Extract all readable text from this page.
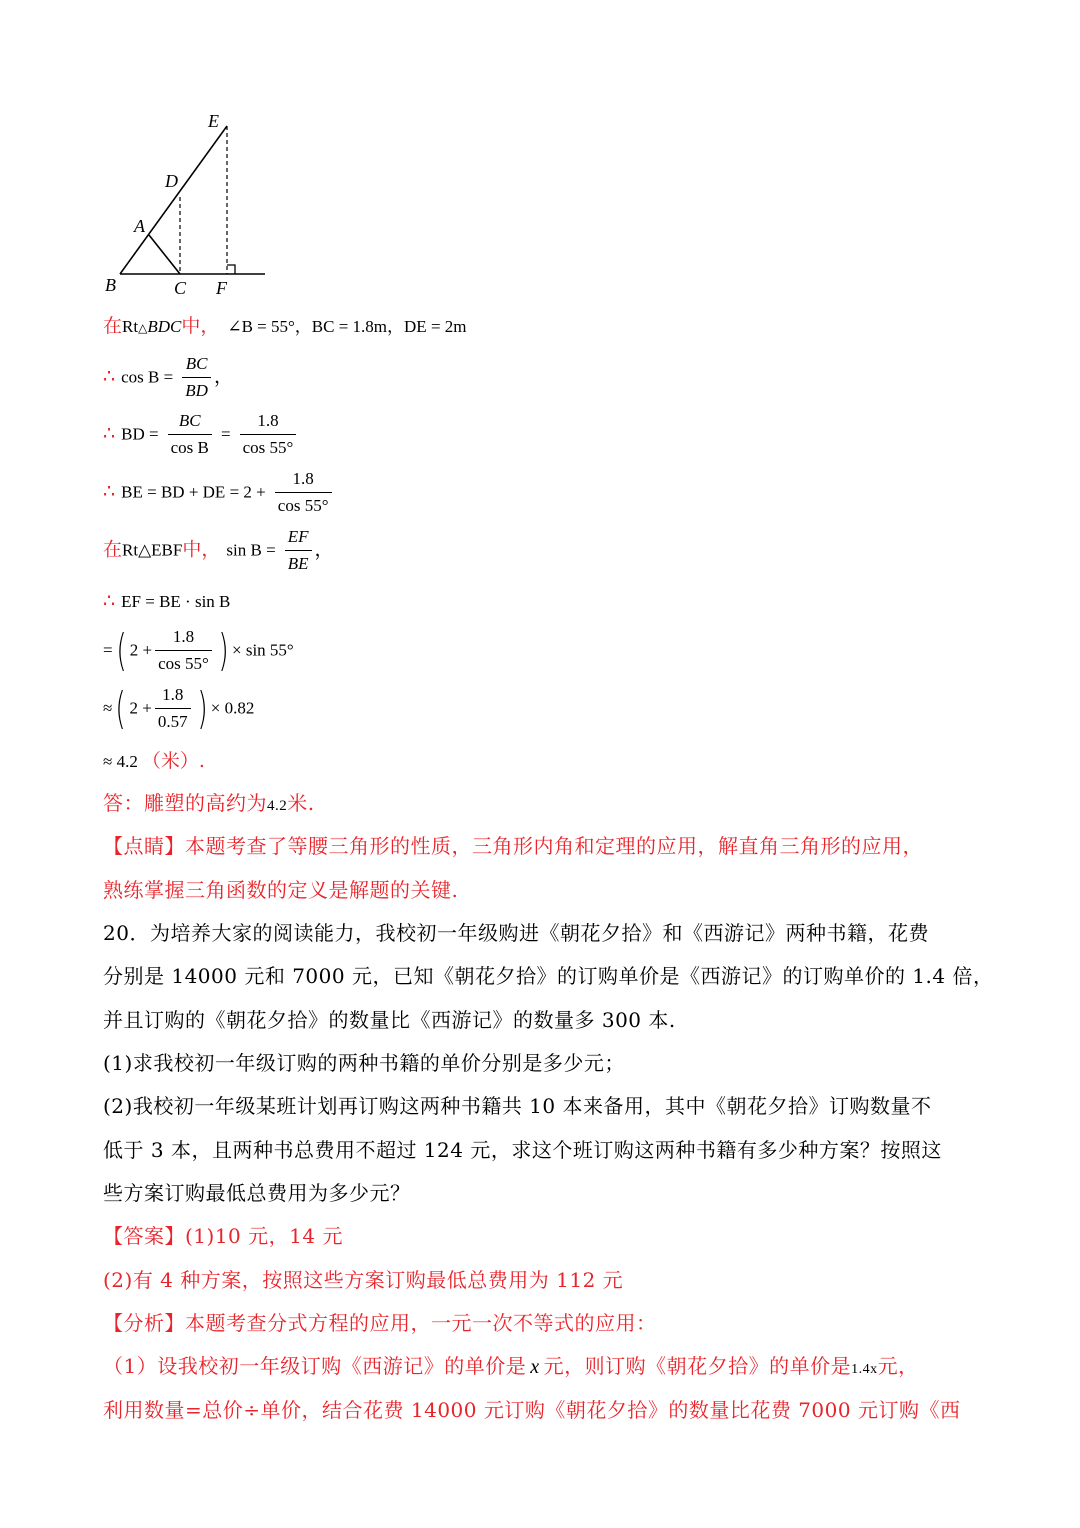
E
D
A
B	C F
在Rt△BDC中， ∠B = 55°，BC = 1.8m，DE = 2m
∴ $\cos B = \frac{BC}{BD}$ ，
∴ BD = $\frac{BC}{\text{cos B}} = \frac{1.8}{\cos 55^\circ}$
∴ BE = BD + DE = $2 + \frac{1.8}{\cos 55^\circ}$
在Rt△EBF中， $\sin B = \frac{EF}{BE}$ ，
∴ EF = BE · sin B
=( $2 + \frac{1.8}{\cos 55^\circ}$ ) × sin 55°
≈( $2 + \frac{1.8}{0.57}$ ) × 0.82
≈ 4.2 （米）.
答：雕塑的高约为4.2米.
【点睛】本题考查了等腰三角形的性质，三角形内角和定理的应用，解直角三角形的应用，
熟练掌握三角函数的定义是解题的关键.
20．为培养大家的阅读能力，我校初一年级购进《朝花夕拾》和《西游记》两种书籍，花费
分别是 14000 元和 7000 元，已知《朝花夕拾》的订购单价是《西游记》的订购单价的 1.4 倍，
并且订购的《朝花夕拾》的数量比《西游记》的数量多 300 本.
(1)求我校初一年级订购的两种书籍的单价分别是多少元；
(2)我校初一年级某班计划再订购这两种书籍共 10 本来备用，其中《朝花夕拾》订购数量不
低于 3 本，且两种书总费用不超过 124 元，求这个班订购这两种书籍有多少种方案？按照这
些方案订购最低总费用为多少元？
【答案】(1)10 元，14 元
(2)有 4 种方案，按照这些方案订购最低总费用为 112 元
【分析】本题考查分式方程的应用，一元一次不等式的应用：
（1）设我校初一年级订购《西游记》的单价是 x 元，则订购《朝花夕拾》的单价是1.4x元，
利用数量=总价÷单价，结合花费 14000 元订购《朝花夕拾》的数量比花费 7000 元订购《西
